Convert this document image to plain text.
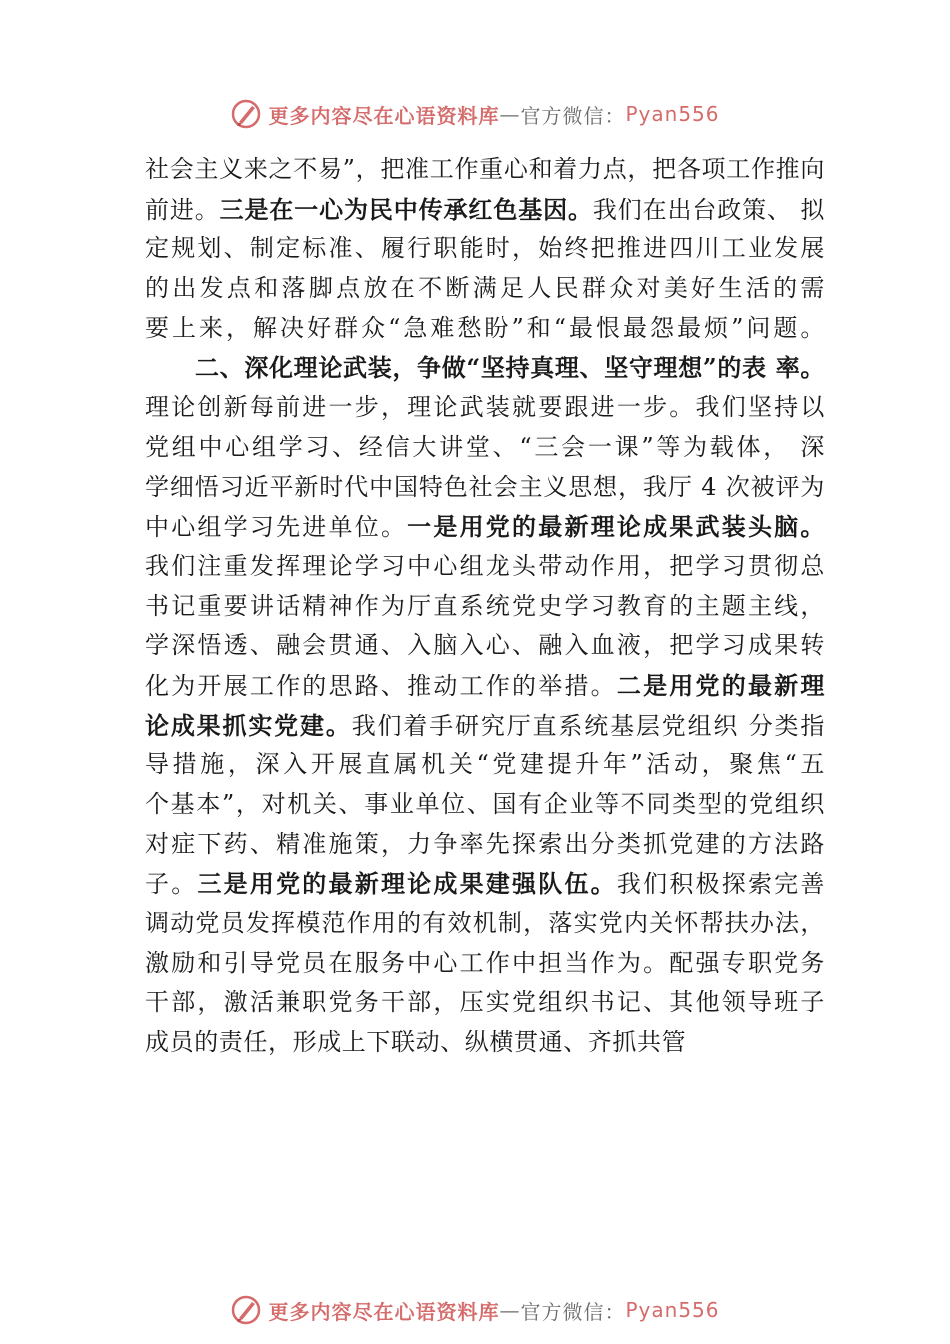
更多内容尽在心语资料库 — 官方微信： Pyan556
社会主义来之不易”，把准工作重心和着力点，把各项工作推向
前进。三是在一心为民中传承红色基因。我们在出台政策、 拟
定规划、制定标准、履行职能时，始终把推进四川工业发展
的出发点和落脚点放在不断满足人民群众对美好生活的需
要上来，解决好群众“急难愁盼”和“最恨最怨最烦”问题。
二、深化理论武装，争做“坚持真理、坚守理想”的表 率。
理论创新每前进一步，理论武装就要跟进一步。我们坚持以
党组中心组学习、经信大讲堂、“三会一课”等为载体， 深
学细悟习近平新时代中国特色社会主义思想，我厅 4 次被评为
中心组学习先进单位。一是用党的最新理论成果武装头脑。
我们注重发挥理论学习中心组龙头带动作用，把学习贯彻总
书记重要讲话精神作为厅直系统党史学习教育的主题主线，
学深悟透、融会贯通、入脑入心、融入血液，把学习成果转
化为开展工作的思路、推动工作的举措。二是用党的最新理
论成果抓实党建。我们着手研究厅直系统基层党组织 分类指
导措施，深入开展直属机关“党建提升年”活动，聚焦“五
个基本”，对机关、事业单位、国有企业等不同类型的党组织
对症下药、精准施策，力争率先探索出分类抓党建的方法路
子。三是用党的最新理论成果建强队伍。我们积极探索完善
调动党员发挥模范作用的有效机制，落实党内关怀帮扶办法，
激励和引导党员在服务中心工作中担当作为。配强专职党务
干部，激活兼职党务干部，压实党组织书记、其他领导班子
成员的责任，形成上下联动、纵横贯通、齐抓共管
更多内容尽在心语资料库 — 官方微信： Pyan556
